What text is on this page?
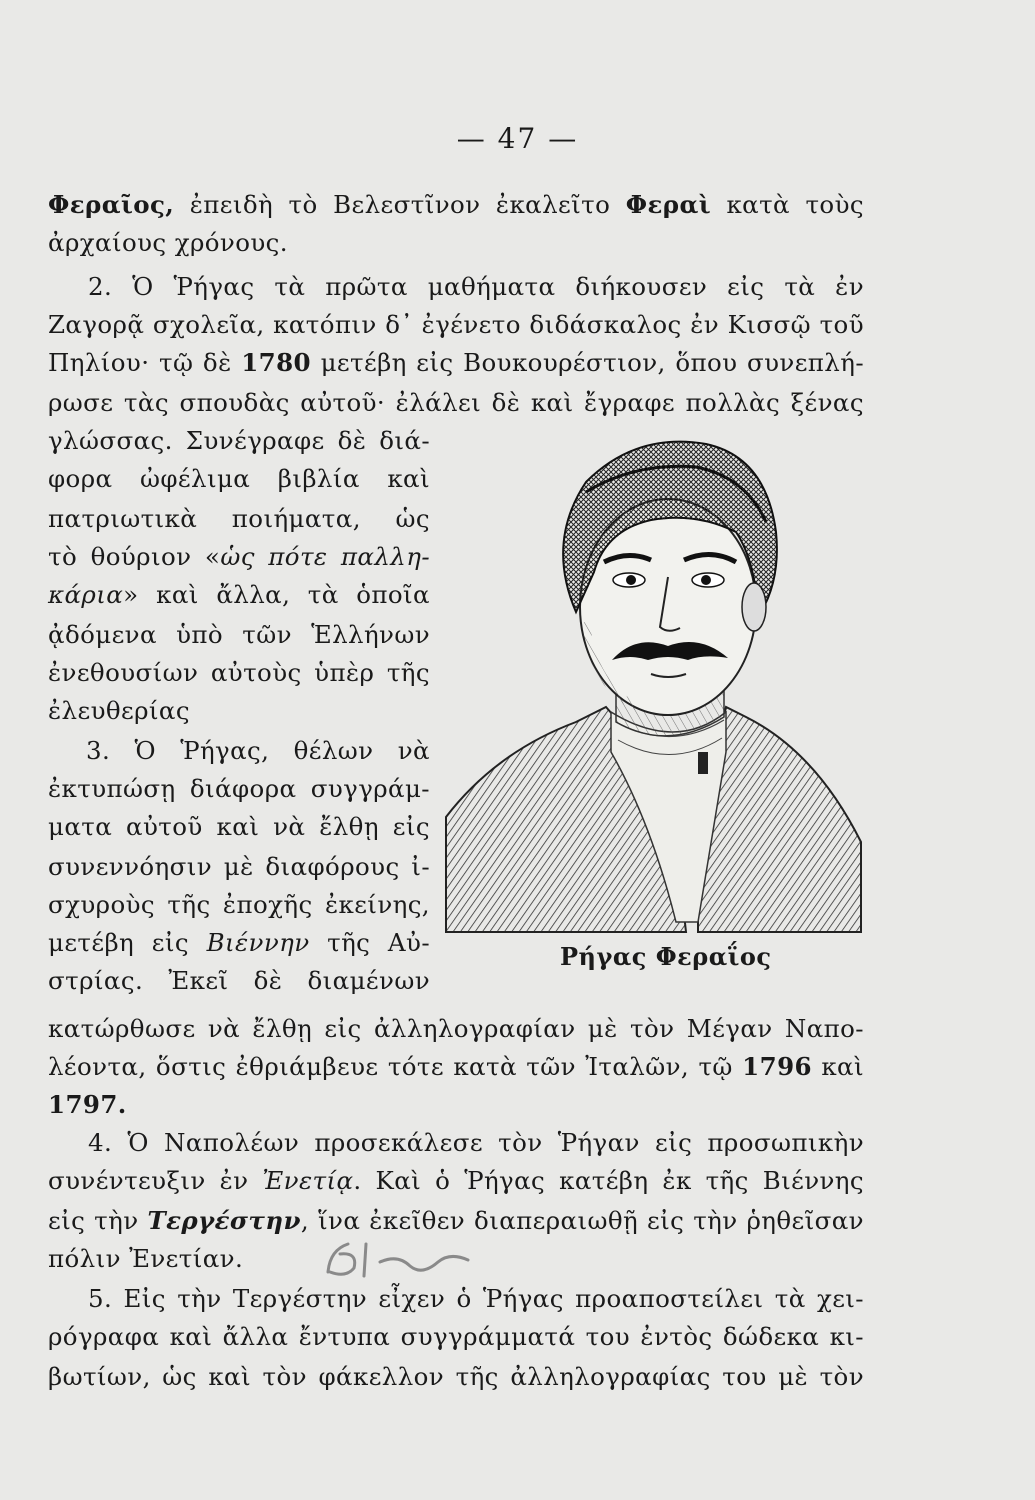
— 47 —
Φεραῖος, ἐπειδὴ τὸ Βελεστῖνον ἐκαλεῖτο Φεραὶ κατὰ τοὺς
ἀρχαίους χρόνους.
2. Ὁ Ῥήγας τὰ πρῶτα μαθήματα διήκουσεν εἰς τὰ ἐν
Ζαγορᾷ σχολεῖα, κατόπιν δ᾽ ἐγένετο διδάσκαλος ἐν Κισσῷ τοῦ
Πηλίου· τῷ δὲ 1780 μετέβη εἰς Βουκουρέστιον, ὅπου συνεπλή-
ρωσε τὰς σπουδὰς αὐτοῦ· ἐλάλει δὲ καὶ ἔγραφε πολλὰς ξένας
γλώσσας. Συνέγραφε δὲ διά-
φορα ὠφέλιμα βιβλία καὶ
πατριωτικὰ ποιήματα, ὡς
τὸ θούριον «ὡς πότε παλλη-
κάρια» καὶ ἄλλα, τὰ ὁποῖα
ᾀδόμενα ὑπὸ τῶν Ἑλλήνων
ἐνεθουσίων αὐτοὺς ὑπὲρ τῆς
ἐλευθερίας
3. Ὁ Ῥήγας, θέλων νὰ
ἐκτυπώσῃ διάφορα συγγράμ-
ματα αὐτοῦ καὶ νὰ ἔλθῃ εἰς
συνεννόησιν μὲ διαφόρους ἰ-
σχυροὺς τῆς ἐποχῆς ἐκείνης,
μετέβη εἰς Βιέννην τῆς Αὐ-
στρίας. Ἐκεῖ δὲ διαμένων
Ρήγας Φεραΐος
κατώρθωσε νὰ ἔλθῃ εἰς ἀλληλογραφίαν μὲ τὸν Μέγαν Ναπο-
λέοντα, ὅστις ἐθριάμβευε τότε κατὰ τῶν Ἰταλῶν, τῷ 1796 καὶ
1797.
4. Ὁ Ναπολέων προσεκάλεσε τὸν Ῥήγαν εἰς προσωπικὴν
συνέντευξιν ἐν Ἐνετίᾳ. Καὶ ὁ Ῥήγας κατέβη ἐκ τῆς Βιέννης
εἰς τὴν Τεργέστην, ἵνα ἐκεῖθεν διαπεραιωθῇ εἰς τὴν ῥηθεῖσαν
πόλιν Ἐνετίαν.
5. Εἰς τὴν Τεργέστην εἶχεν ὁ Ῥήγας προαποστείλει τὰ χει-
ρόγραφα καὶ ἄλλα ἔντυπα συγγράμματά του ἐντὸς δώδεκα κι-
βωτίων, ὡς καὶ τὸν φάκελλον τῆς ἀλληλογραφίας του μὲ τὸν
